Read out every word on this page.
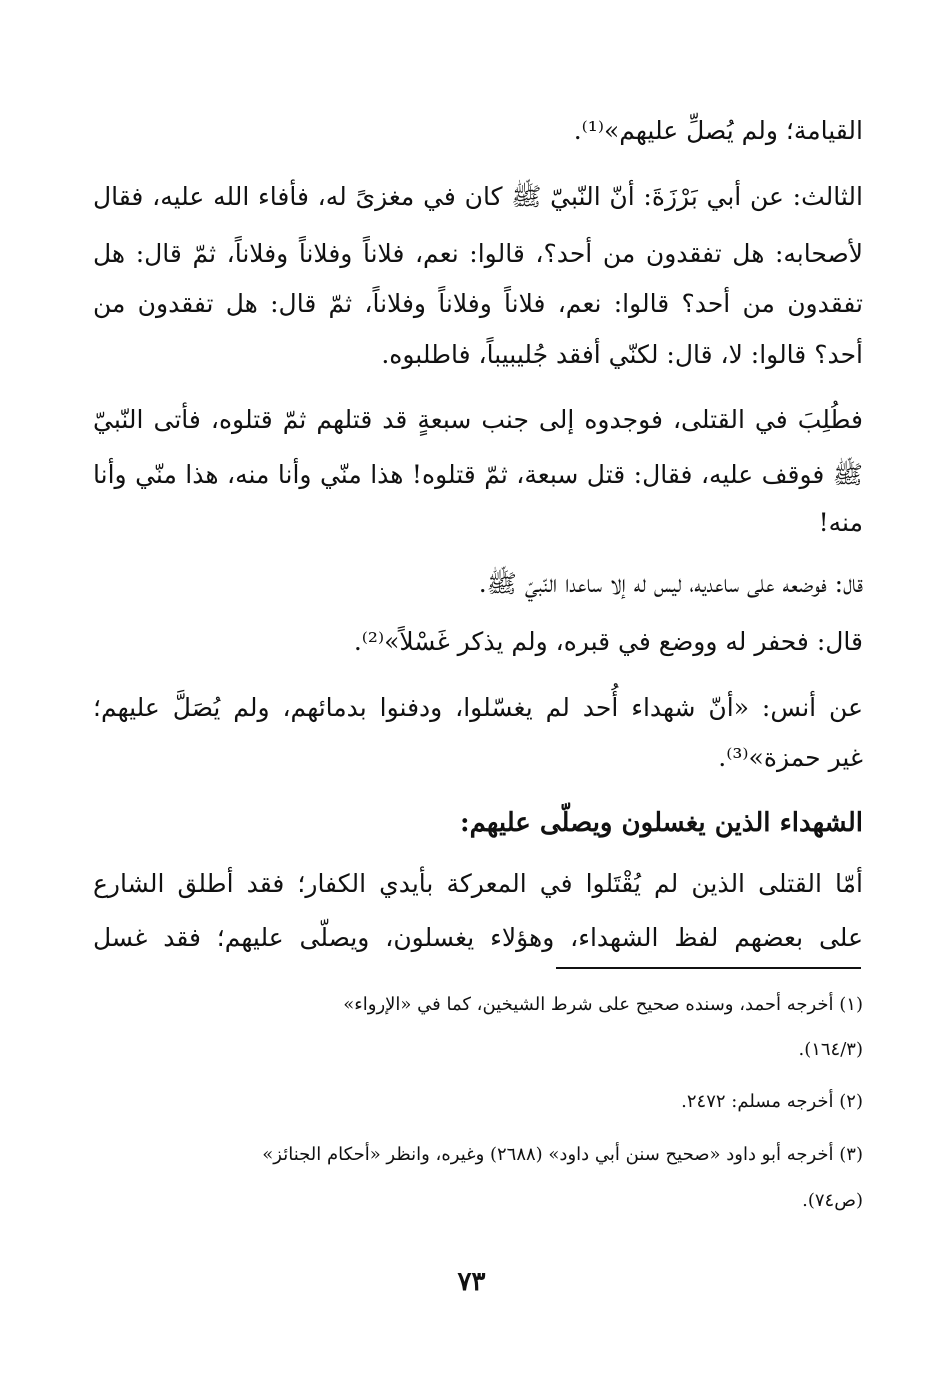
القيامة؛ ولم يُصلِّ عليهم»⁽¹⁾.
الثالث: عن أبي بَرْزَةَ: أنّ النّبيّ ﷺ كان في مغزىً له، فأفاء الله عليه، فقال
لأصحابه: هل تفقدون من أحد؟، قالوا: نعم، فلاناً وفلاناً وفلاناً، ثمّ قال: هل
تفقدون من أحد؟ قالوا: نعم، فلاناً وفلاناً وفلاناً، ثمّ قال: هل تفقدون من
أحد؟ قالوا: لا، قال: لكنّي أفقد جُليبيباً، فاطلبوه.
فطُلِبَ في القتلى، فوجدوه إلى جنب سبعةٍ قد قتلهم ثمّ قتلوه، فأتى النّبيّ
ﷺ فوقف عليه، فقال: قتل سبعة، ثمّ قتلوه! هذا منّي وأنا منه، هذا منّي وأنا
منه!
قال: فوضعه على ساعديه، ليس له إلا ساعدا النّبيّ ﷺ.
قال: فحفر له ووضع في قبره، ولم يذكر غَسْلاً»⁽²⁾.
عن أنس: «أنّ شهداء أُحد لم يغسّلوا، ودفنوا بدمائهم، ولم يُصَلَّ عليهم؛
غير حمزة»⁽³⁾.
الشهداء الذين يغسلون ويصلّى عليهم:
أمّا القتلى الذين لم يُقْتَلوا في المعركة بأيدي الكفار؛ فقد أطلق الشارع
على بعضهم لفظ الشهداء، وهؤلاء يغسلون، ويصلّى عليهم؛ فقد غسل
(١) أخرجه أحمد، وسنده صحيح على شرط الشيخين، كما في «الإرواء»
(١٦٤/٣).
(٢) أخرجه مسلم: ٢٤٧٢.
(٣) أخرجه أبو داود «صحيح سنن أبي داود» (٢٦٨٨) وغيره، وانظر «أحكام الجنائز»
(ص٧٤).
٧٣
